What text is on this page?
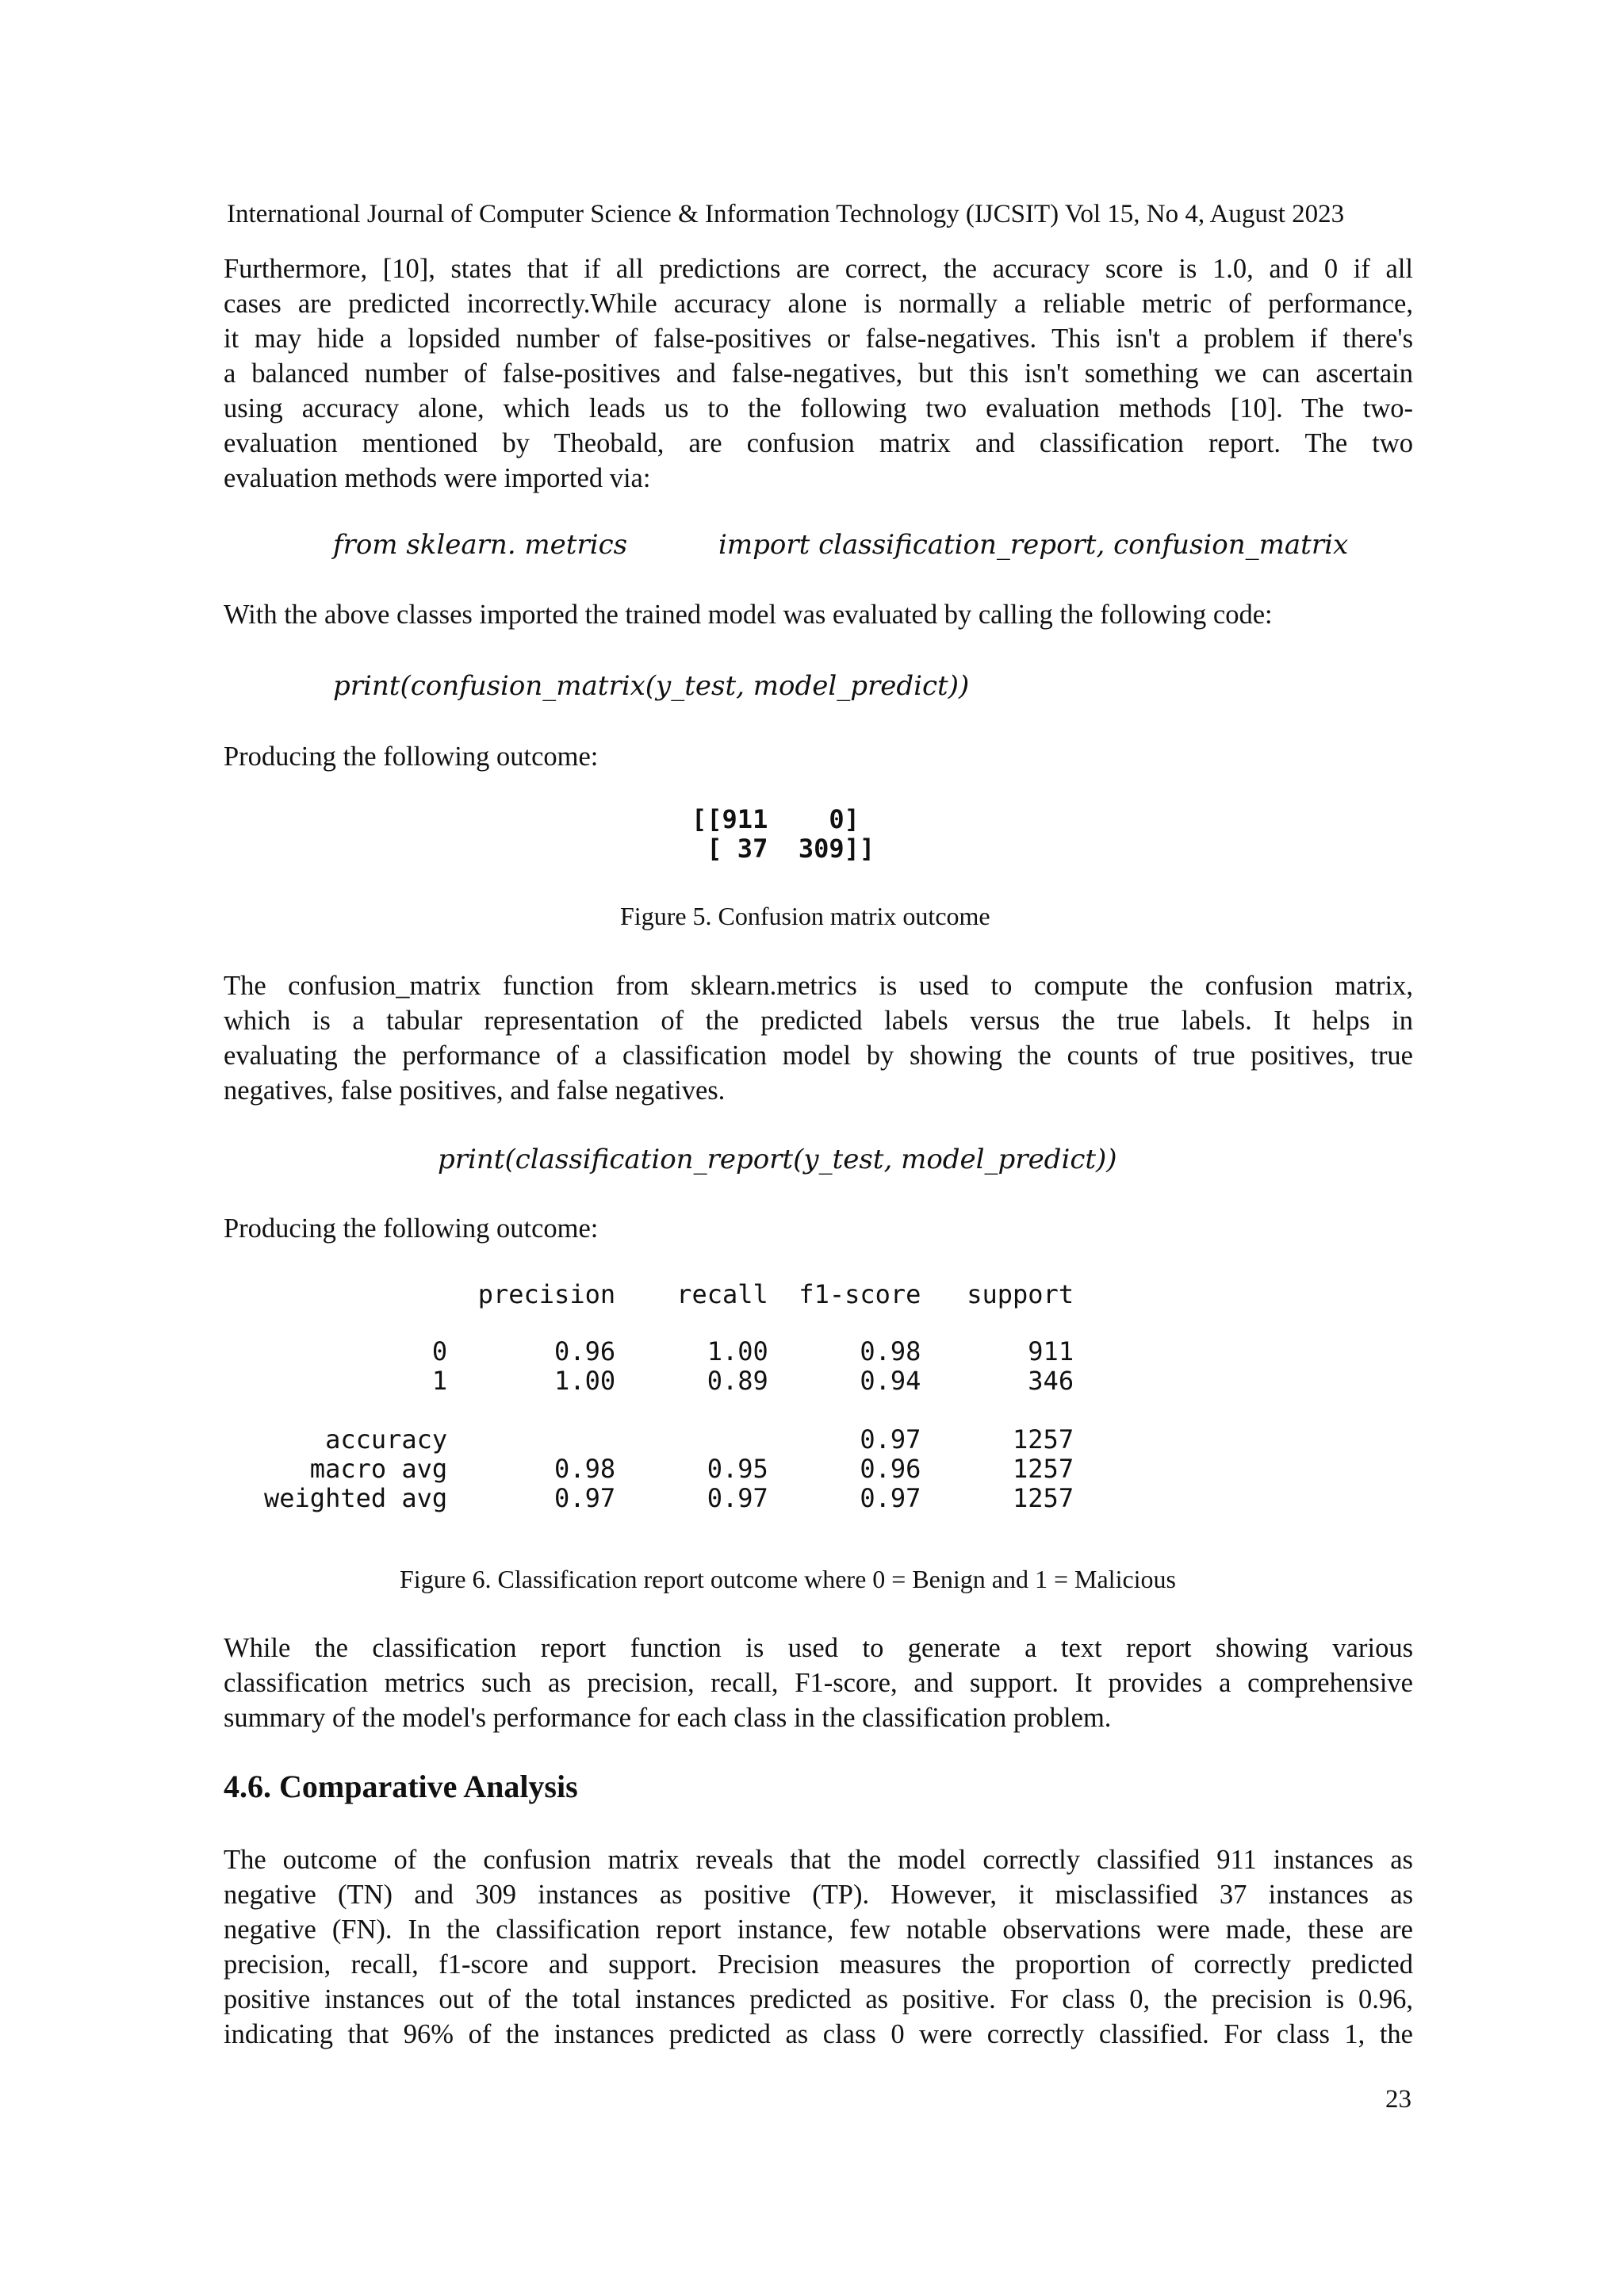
International Journal of Computer Science & Information Technology (IJCSIT) Vol 15, No 4, August 2023
Furthermore, [10], states that if all predictions are correct, the accuracy score is 1.0, and 0 if all
cases are predicted incorrectly.While accuracy alone is normally a reliable metric of performance,
it may hide a lopsided number of false-positives or false-negatives. This isn't a problem if there's
a balanced number of false-positives and false-negatives, but this isn't something we can ascertain
using accuracy alone, which leads us to the following two evaluation methods [10]. The two-
evaluation mentioned by Theobald, are confusion matrix and classification report. The two
evaluation methods were imported via:
from sklearn. metrics	import classification_report, confusion_matrix
With the above classes imported the trained model was evaluated by calling the following code:
print(confusion_matrix(y_test, model_predict))
Producing the following outcome:
[[911    0]
[ 37  309]]
Figure 5. Confusion matrix outcome
The confusion_matrix function from sklearn.metrics is used to compute the confusion matrix,
which is a tabular representation of the predicted labels versus the true labels. It helps in
evaluating the performance of a classification model by showing the counts of true positives, true
negatives, false positives, and false negatives.
print(classification_report(y_test, model_predict))
Producing the following outcome:
precision    recall  f1-score   support
0       0.96      1.00      0.98       911
1       1.00      0.89      0.94       346
accuracy                           0.97      1257
macro avg       0.98      0.95      0.96      1257
weighted avg       0.97      0.97      0.97      1257
Figure 6. Classification report outcome where 0 = Benign and 1 = Malicious
While the classification report function is used to generate a text report showing various
classification metrics such as precision, recall, F1-score, and support. It provides a comprehensive
summary of the model's performance for each class in the classification problem.
4.6. Comparative Analysis
The outcome of the confusion matrix reveals that the model correctly classified 911 instances as
negative (TN) and 309 instances as positive (TP). However, it misclassified 37 instances as
negative (FN). In the classification report instance, few notable observations were made, these are
precision, recall, f1-score and support. Precision measures the proportion of correctly predicted
positive instances out of the total instances predicted as positive. For class 0, the precision is 0.96,
indicating that 96% of the instances predicted as class 0 were correctly classified. For class 1, the
23
